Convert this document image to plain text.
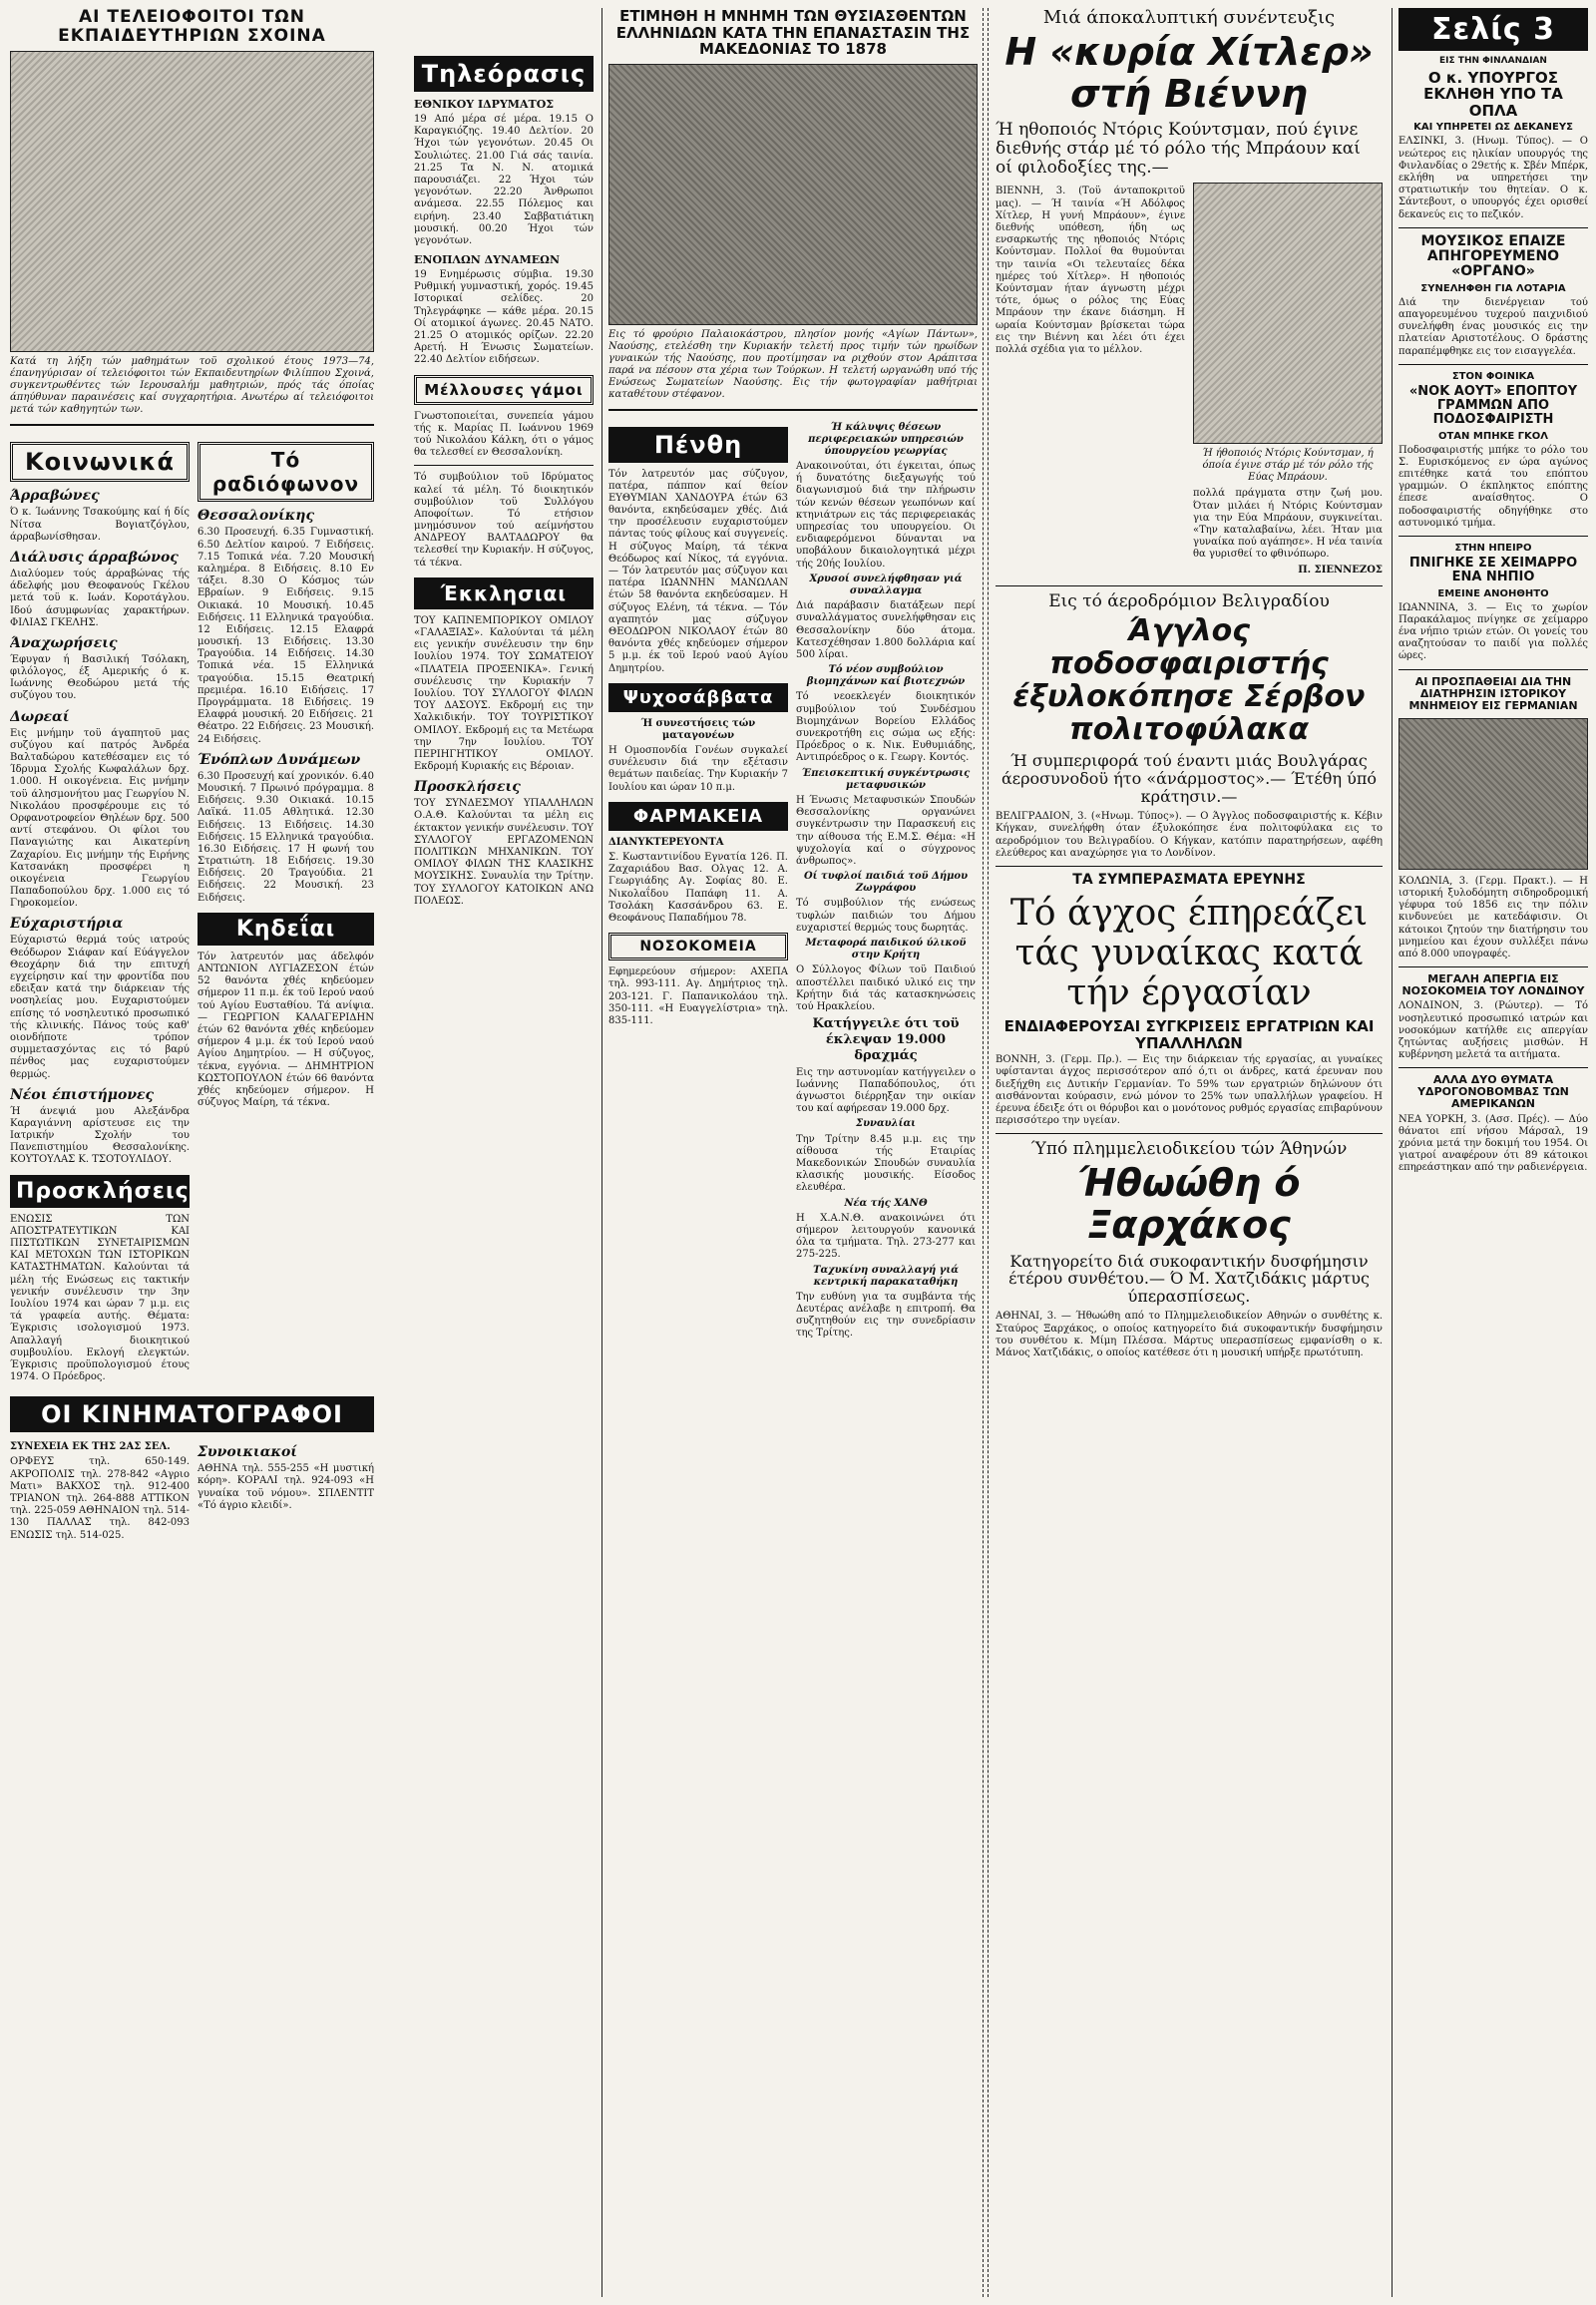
ΑΙ ΤΕΛΕΙΟΦΟΙΤΟΙ ΤΩΝ ΕΚΠΑΙΔΕΥΤΗΡΙΩΝ ΣΧΟΙΝΑ
Κατά τη λήξη τών μαθημάτων τοϋ σχολικού έτους 1973—74, έπανηγύρισαν οί τελειόφοιτοι τών Εκπαιδευτηρίων Φιλίππου Σχοινά, συγκεντρωθέντες τών Ιερουσαλήμ μαθητριών, πρός τάς όποίας άπηύθυναν παραινέσεις καί συγχαρητήρια. Ανωτέρω αί τελειόφοιτοι μετά τών καθηγητών των.
Κοινωνικά
Άρραβώνες
Ό κ. Ίωάννης Τσακούμης καί ή δίς Νίτσα Βογιατζόγλου, άρραβωνίσθησαν.
Διάλυσις άρραβώνος
Διαλύομεν τούς άρραβώνας τής άδελφής μου Θεοφανούς Γκέλου μετά τοϋ κ. Ιωάν. Κοροτάγλου. Ιδού άσυμφωνίας χαρακτήρων. ΦΙΛΙΑΣ ΓΚΕΛΗΣ.
Άναχωρήσεις
Έφυγαν ή Βασιλική Τσόλακη, φιλόλογος, έξ Αμερικής ό κ. Ιωάννης Θεοδώρου μετά τής συζύγου του.
Δωρεαί
Εις μνήμην τοϋ άγαπητοϋ μας συζύγου καί πατρός Άνδρέα Βαλταδώρου κατεθέσαμεν εις τό Ίδρυμα Σχολής Κωφαλάλων δρχ. 1.000. Η οικογένεια. Εις μνήμην τοϋ άλησμονήτου μας Γεωργίου Ν. Νικολάου προσφέρουμε εις τό Ορφανοτροφείον Θηλέων δρχ. 500 αντί στεφάνου. Οι φίλοι του Παναγιώτης και Αικατερίνη Ζαχαρίου. Εις μνήμην τής Ειρήνης Κατσανάκη προσφέρει η οικογένεια Γεωργίου Παπαδοπούλου δρχ. 1.000 εις τό Γηροκομείον.
Εύχαριστήρια
Εύχαριστώ θερμά τούς ιατρούς Θεόδωρον Σιάφαν καί Εύάγγελον Θεοχάρην διά την επιτυχή εγχείρησιν καί την φροντίδα που εδειξαν κατά την διάρκειαν τής νοσηλείας μου. Ευχαριστούμεν επίσης τό νοσηλευτικό προσωπικό τής κλινικής. Πάνος τούς καθ' οιονδήποτε τρόπον συμμετασχόντας εις τό βαρύ πένθος μας ευχαριστούμεν θερμώς.
Νέοι έπιστήμονες
Ή άνεψιά μου Αλεξάνδρα Καραγιάννη αρίστευσε εις την Ιατρικήν Σχολήν του Πανεπιστημίου Θεσσαλονίκης. ΚΟΥΤΟΥΛΑΣ Κ. ΤΣΟΤΟΥΛΙΔΟΥ.
Προσκλήσεις
ΕΝΩΣΙΣ ΤΩΝ ΑΠΟΣΤΡΑΤΕΥΤΙΚΩΝ ΚΑΙ ΠΙΣΤΩΤΙΚΩΝ ΣΥΝΕΤΑΙΡΙΣΜΩΝ ΚΑΙ ΜΕΤΟΧΩΝ ΤΩΝ ΙΣΤΟΡΙΚΩΝ ΚΑΤΑΣΤΗΜΑΤΩΝ. Καλούνται τά μέλη τής Ενώσεως εις τακτικήν γενικήν συνέλευσιν την 3ην Ιουλίου 1974 και ώραν 7 μ.μ. εις τά γραφεία αυτής. Θέματα: Έγκρισις ισολογισμού 1973. Απαλλαγή διοικητικού συμβουλίου. Εκλογή ελεγκτών. Έγκρισις προϋπολογισμού έτους 1974. Ο Πρόεδρος.
Τό ραδιόφωνον
Θεσσαλονίκης
6.30 Προσευχή. 6.35 Γυμναστική. 6.50 Δελτίον καιρού. 7 Ειδήσεις. 7.15 Τοπικά νέα. 7.20 Μουσική καλημέρα. 8 Ειδήσεις. 8.10 Εν τάξει. 8.30 Ο Κόσμος τών Εβραίων. 9 Ειδήσεις. 9.15 Οικιακά. 10 Μουσική. 10.45 Ειδήσεις. 11 Ελληνικά τραγούδια. 12 Ειδήσεις. 12.15 Ελαφρά μουσική. 13 Ειδήσεις. 13.30 Τραγούδια. 14 Ειδήσεις. 14.30 Τοπικά νέα. 15 Ελληνικά τραγούδια. 15.15 Θεατρική πρεμιέρα. 16.10 Ειδήσεις. 17 Προγράμματα. 18 Ειδήσεις. 19 Ελαφρά μουσική. 20 Ειδήσεις. 21 Θέατρο. 22 Ειδήσεις. 23 Μουσική. 24 Ειδήσεις.
Ένόπλων Δυνάμεων
6.30 Προσευχή καί χρονικόν. 6.40 Μουσική. 7 Πρωινό πρόγραμμα. 8 Ειδήσεις. 9.30 Οικιακά. 10.15 Λαϊκά. 11.05 Αθλητικά. 12.30 Ειδήσεις. 13 Ειδήσεις. 14.30 Ειδήσεις. 15 Ελληνικά τραγούδια. 16.30 Ειδήσεις. 17 Η φωνή του Στρατιώτη. 18 Ειδήσεις. 19.30 Ειδήσεις. 20 Τραγούδια. 21 Ειδήσεις. 22 Μουσική. 23 Ειδήσεις.
Κηδεΐαι
Τόν λατρευτόν μας άδελφόν ΑΝΤΩΝΙΟΝ ΛΥΓΙΑΖΕΣΟΝ έτών 52 θανόντα χθές κηδεύομεν σήμερον 11 π.μ. έκ τοϋ Ιερού ναού τού Αγίου Ευσταθίου. Τά ανίψια. — ΓΕΩΡΓΙΟΝ ΚΑΛΑΓΕΡΙΔΗΝ έτών 62 θανόντα χθές κηδεύομεν σήμερον 4 μ.μ. έκ τού Ιερού ναού Αγίου Δημητρίου. — Η σύζυγος, τέκνα, εγγόνια. — ΔΗΜΗΤΡΙΟΝ ΚΩΣΤΟΠΟΥΛΟΝ έτών 66 θανόντα χθές κηδεύομεν σήμερον. Η σύζυγος Μαίρη, τά τέκνα.
ΟΙ ΚΙΝΗΜΑΤΟΓΡΑΦΟΙ
ΣΥΝΕΧΕΙΑ ΕΚ ΤΗΣ 2ΑΣ ΣΕΛ.
ΟΡΦΕΥΣ τηλ. 650-149. ΑΚΡΟΠΟΛΙΣ τηλ. 278-842 «Αγριο Ματι» ΒΑΚΧΟΣ τηλ. 912-400 ΤΡΙΑΝΟΝ τηλ. 264-888 ΑΤΤΙΚΟΝ τηλ. 225-059 ΑΘΗΝΑΙΟΝ τηλ. 514-130 ΠΑΛΛΑΣ τηλ. 842-093 ΕΝΩΣΙΣ τηλ. 514-025.
Συνοικιακοί
ΑΘΗΝΑ τηλ. 555-255 «Η μυστική κόρη». ΚΟΡΑΛΙ τηλ. 924-093 «Η γυναίκα τοϋ νόμου». ΣΠΛΕΝΤΙΤ «Τό άγριο κλειδί».
Τηλεόρασις
ΕΘΝΙΚΟΥ ΙΔΡΥΜΑΤΟΣ
19 Από μέρα σέ μέρα. 19.15 Ο Καραγκιόζης. 19.40 Δελτίον. 20 Ήχοι τών γεγονότων. 20.45 Οι Σουλιώτες. 21.00 Γιά σάς ταινία. 21.25 Τα Ν. Ν. ατομικά παρουσιάζει. 22 Ήχοι τών γεγονότων. 22.20 Άνθρωποι ανάμεσα. 22.55 Πόλεμος και ειρήνη. 23.40 Σαββατιάτικη μουσική. 00.20 Ήχοι τών γεγονότων.
ΕΝΟΠΛΩΝ ΔΥΝΑΜΕΩΝ
19 Ενημέρωσις σύμβια. 19.30 Ρυθμική γυμναστική, χορός. 19.45 Ιστορικαί σελίδες. 20 Τηλεγράφηκε — κάθε μέρα. 20.15 Οί ατομικοί άγωνες. 20.45 ΝΑΤΟ. 21.25 Ο ατομικός ορίζων. 22.20 Αρετή. Η Ένωσις Σωματείων. 22.40 Δελτίον ειδήσεων.
Μέλλουσες γάμοι
Γνωστοποιείται, συνεπεία γάμου τής κ. Μαρίας Π. Ιωάννου 1969 τού Νικολάου Κάλκη, ότι ο γάμος θα τελεσθεί εν Θεσσαλονίκη.
Τό συμβούλιον τοϋ Ιδρύματος καλεί τά μέλη. Τό διοικητικόν συμβούλιον τοϋ Συλλόγου Αποφοίτων. Τό ετήσιον μνημόσυνον τού αείμνήστου ΑΝΔΡΕΟΥ ΒΑΛΤΑΔΩΡΟΥ θα τελεσθεί την Κυριακήν. Η σύζυγος, τά τέκνα.
Έκκλησιαι
ΤΟΥ ΚΑΠΝΕΜΠΟΡΙΚΟΥ ΟΜΙΛΟΥ «ΓΑΛΑΞΙΑΣ». Καλούνται τά μέλη εις γενικήν συνέλευσιν την 6ην Ιουλίου 1974. ΤΟΥ ΣΩΜΑΤΕΙΟΥ «ΠΛΑΤΕΙΑ ΠΡΟΞΕΝΙΚΑ». Γενική συνέλευσις την Κυριακήν 7 Ιουλίου. ΤΟΥ ΣΥΛΛΟΓΟΥ ΦΙΛΩΝ ΤΟΥ ΔΑΣΟΥΣ. Εκδρομή εις την Χαλκιδικήν. ΤΟΥ ΤΟΥΡΙΣΤΙΚΟΥ ΟΜΙΛΟΥ. Εκδρομή εις τα Μετέωρα την 7ην Ιουλίου. ΤΟΥ ΠΕΡΙΗΓΗΤΙΚΟΥ ΟΜΙΛΟΥ. Εκδρομή Κυριακής εις Βέροιαν.
Προσκλήσεις
ΤΟΥ ΣΥΝΔΕΣΜΟΥ ΥΠΑΛΛΗΛΩΝ Ο.Α.Θ. Καλούνται τα μέλη εις έκτακτον γενικήν συνέλευσιν. ΤΟΥ ΣΥΛΛΟΓΟΥ ΕΡΓΑΖΟΜΕΝΩΝ ΠΟΛΙΤΙΚΩΝ ΜΗΧΑΝΙΚΩΝ. ΤΟΥ ΟΜΙΛΟΥ ΦΙΛΩΝ ΤΗΣ ΚΛΑΣΙΚΗΣ ΜΟΥΣΙΚΗΣ. Συναυλία την Τρίτην. ΤΟΥ ΣΥΛΛΟΓΟΥ ΚΑΤΟΙΚΩΝ ΑΝΩ ΠΟΛΕΩΣ.
ΕΤΙΜΗΘΗ Η ΜΝΗΜΗ ΤΩΝ ΘΥΣΙΑΣΘΕΝΤΩΝ ΕΛΛΗΝΙΔΩΝ ΚΑΤΑ ΤΗΝ ΕΠΑΝΑΣΤΑΣΙΝ ΤΗΣ ΜΑΚΕΔΟΝΙΑΣ ΤΟ 1878
Εις τό φρούριο Παλαιοκάστρου, πλησίον μονής «Αγίων Πάντων», Ναούσης, ετελέσθη την Κυριακήν τελετή προς τιμήν τών ηρωίδων γυναικών τής Ναούσης, που προτίμησαν να ριχθούν στον Αράπιτσα παρά να πέσουν στα χέρια των Τούρκων. Η τελετή ωργανώθη υπό τής Ενώσεως Σωματείων Ναούσης. Εις τήν φωτογραφίαν μαθήτριαι καταθέτουν στέφανον.
Πένθη
Τόν λατρευτόν μας σύζυγον, πατέρα, πάππον καί θείον ΕΥΘΥΜΙΑΝ ΧΑΝΔΟΥΡΑ έτών 63 θανόντα, εκηδεύσαμεν χθές. Διά την προσέλευσιν ευχαριστούμεν πάντας τούς φίλους καί συγγενείς. Η σύζυγος Μαίρη, τά τέκνα Θεόδωρος καί Νίκος, τά εγγόνια. — Τόν λατρευτόν μας σύζυγον και πατέρα ΙΩΑΝΝΗΝ ΜΑΝΩΛΑΝ έτών 58 θανόντα εκηδεύσαμεν. Η σύζυγος Ελένη, τά τέκνα. — Τόν αγαπητόν μας σύζυγον ΘΕΟΔΩΡΟΝ ΝΙΚΟΛΑΟΥ έτών 80 θανόντα χθές κηδεύομεν σήμερον 5 μ.μ. έκ τοϋ Ιερού ναού Αγίου Δημητρίου.
Ψυχοσάββατα
Ή συνεστήσεις τών ματαγονέων
Η Ομοσπονδία Γονέων συγκαλεί συνέλευσιν διά την εξέτασιν θεμάτων παιδείας. Την Κυριακήν 7 Ιουλίου και ώραν 10 π.μ.
ΦΑΡΜΑΚΕΙΑ
ΔΙΑΝΥΚΤΕΡΕΥΟΝΤΑ
Σ. Κωσταντινίδου Εγνατία 126. Π. Ζαχαριάδου Βασ. Ολγας 12. Α. Γεωργιάδης Αγ. Σοφίας 80. Ε. Νικολαΐδου Παπάφη 11. Α. Τσολάκη Κασσάνδρου 63. Ε. Θεοφάνους Παπαδήμου 78.
ΝΟΣΟΚΟΜΕΙΑ
Εφημερεύουν σήμερον: ΑΧΕΠΑ τηλ. 993-111. Αγ. Δημήτριος τηλ. 203-121. Γ. Παπανικολάου τηλ. 350-111. «Η Ευαγγελίστρια» τηλ. 835-111.
Ή κάλυψις θέσεων περιφερειακών υπηρεσιών ύπουργείου γεωργίας
Ανακοινούται, ότι έγκειται, όπως ή δυνατότης διεξαγωγής τού διαγωνισμού διά την πλήρωσιν τών κενών θέσεων γεωπόνων καί κτηνιάτρων εις τάς περιφερειακάς υπηρεσίας του υπουργείου. Οι ενδιαφερόμενοι δύνανται να υποβάλουν δικαιολογητικά μέχρι τής 20ής Ιουλίου.
Χρυσοί συνελήφθησαν γιά συναλλαγμα
Διά παράβασιν διατάξεων περί συναλλάγματος συνελήφθησαν εις Θεσσαλονίκην δύο άτομα. Κατεσχέθησαν 1.800 δολλάρια καί 500 λίραι.
Τό νέον συμβούλιον βιομηχάνων καί βιοτεχνών
Τό νεοεκλεγέν διοικητικόν συμβούλιον τού Συνδέσμου Βιομηχάνων Βορείου Ελλάδος συνεκροτήθη εις σώμα ως εξής: Πρόεδρος ο κ. Νικ. Ευθυμιάδης, Αντιπρόεδρος ο κ. Γεωργ. Κοντός.
Έπεισκεπτική συγκέντρωσις μεταφυσικών
Η Ένωσις Μεταφυσικών Σπουδών Θεσσαλονίκης οργανώνει συγκέντρωσιν την Παρασκευή εις την αίθουσα τής Ε.Μ.Σ. Θέμα: «Η ψυχολογία καί ο σύγχρονος άνθρωπος».
Οί τυφλοί παιδιά τοϋ Δήμου Ζωγράφου
Τό συμβούλιον τής ενώσεως τυφλών παιδιών του Δήμου ευχαριστεί θερμώς τους δωρητάς.
Μεταφορά παιδικού ύλικοϋ στην Κρήτη
Ο Σύλλογος Φίλων τοϋ Παιδιού αποστέλλει παιδικό υλικό εις την Κρήτην διά τάς κατασκηνώσεις τού Ηρακλείου.
Κατήγγειλε ότι τοϋ έκλεψαν 19.000 δραχμάς
Εις την αστυνομίαν κατήγγειλεν ο Ιωάννης Παπαδόπουλος, ότι άγνωστοι διέρρηξαν την οικίαν του καί αφήρεσαν 19.000 δρχ.
Συναυλίαι
Την Τρίτην 8.45 μ.μ. εις την αίθουσα τής Εταιρίας Μακεδονικών Σπουδών συναυλία κλασικής μουσικής. Είσοδος ελευθέρα.
Νέα τής ΧΑΝΘ
Η Χ.Α.Ν.Θ. ανακοινώνει ότι σήμερον λειτουργούν κανονικά όλα τα τμήματα. Τηλ. 273-277 και 275-225.
Ταχυκίνη συναλλαγή γιά κεντρική παρακαταθήκη
Την ευθύνη για τα συμβάντα τής Δευτέρας ανέλαβε η επιτροπή. Θα συζητηθούν εις την συνεδρίασιν της Τρίτης.
Μιά άποκαλυπτική συνέντευξις
Η «κυρία Χίτλερ» στή Βιέννη
Ή ηθοποιός Ντόρις Κούντσμαν, πού έγινε διεθνής στάρ μέ τό ρόλο τής Μπράουν καί οί φιλοδοξίες της.—
ΒΙΕΝΝΗ, 3. (Τοϋ άνταποκριτοϋ μας). — Ή ταινία «Ή Αδόλφος Χίτλερ, Η γυνή Μπράουν», έγινε διεθνής υπόθεση, ήδη ως ενσαρκωτής της ηθοποιός Ντόρις Κούντσμαν. Πολλοί θα θυμούνται την ταινία «Οι τελευταίες δέκα ημέρες τού Χίτλερ». Η ηθοποιός Κούντσμαν ήταν άγνωστη μέχρι τότε, όμως ο ρόλος της Εύας Μπράουν την έκανε διάσημη. Η ωραία Κούντσμαν βρίσκεται τώρα εις την Βιέννη και λέει ότι έχει πολλά σχέδια για το μέλλον.
Ή ήθοποιός Ντόρις Κούντσμαν, ή όποία έγινε στάρ μέ τόν ρόλο τής Εύας Μπράουν.
πολλά πράγματα στην ζωή μου. Όταν μιλάει ή Ντόρις Κούντσμαν για την Εύα Μπράουν, συγκινείται. «Την καταλαβαίνω, λέει. Ήταν μια γυναίκα πού αγάπησε». Η νέα ταινία θα γυρισθεί το φθινόπωρο.
Π. ΣΙΕΝΝΕΖΟΣ
Εις τό άεροδρόμιον Βελιγραδίου
Άγγλος ποδοσφαιριστής έξυλοκόπησε Σέρβον πολιτοφύλακα
Ή συμπεριφορά τού έναντι μιάς Βουλγάρας άεροσυνοδοϋ ήτο «άνάρμοστος».— Έτέθη ύπό κράτησιν.—
ΒΕΛΙΓΡΑΔΙΟΝ, 3. («Ηνωμ. Τύπος»). — Ο Άγγλος ποδοσφαιριστής κ. Κέβιν Κήγκαν, συνελήφθη όταν έξυλοκόπησε ένα πολιτοφύλακα εις το αεροδρόμιον του Βελιγραδίου. Ο Κήγκαν, κατόπιν παρατηρήσεων, αφέθη ελεύθερος και αναχώρησε για το Λονδίνον.
ΤΑ ΣΥΜΠΕΡΑΣΜΑΤΑ ΕΡΕΥΝΗΣ
Τό άγχος έπηρεάζει τάς γυναίκας κατά τήν έργασίαν
ΕΝΔΙΑΦΕΡΟΥΣΑΙ ΣΥΓΚΡΙΣΕΙΣ ΕΡΓΑΤΡΙΩΝ ΚΑΙ ΥΠΑΛΛΗΛΩΝ
ΒΟΝΝΗ, 3. (Γερμ. Πρ.). — Εις την διάρκειαν τής εργασίας, αι γυναίκες υφίστανται άγχος περισσότερον από ό,τι οι άνδρες, κατά έρευναν που διεξήχθη εις Δυτικήν Γερμανίαν. Το 59% των εργατριών δηλώνουν ότι αισθάνονται κούρασιν, ενώ μόνον το 25% των υπαλλήλων γραφείου. Η έρευνα έδειξε ότι οι θόρυβοι και ο μονότονος ρυθμός εργασίας επιβαρύνουν περισσότερο την υγείαν.
Ύπό πλημμελειοδικείου τών Άθηνών
Ήθωώθη ό Ξαρχάκος
Κατηγορείτο διά συκοφαντικήν δυσφήμησιν έτέρου συνθέτου.— Ό Μ. Χατζιδάκις μάρτυς ύπερασπίσεως.
ΑΘΗΝΑΙ, 3. — Ήθωώθη από το Πλημμελειοδικείον Αθηνών ο συνθέτης κ. Σταύρος Ξαρχάκος, ο οποίος κατηγορείτο διά συκοφαντικήν δυσφήμησιν του συνθέτου κ. Μίμη Πλέσσα. Μάρτυς υπερασπίσεως εμφανίσθη ο κ. Μάνος Χατζιδάκις, ο οποίος κατέθεσε ότι η μουσική υπήρξε πρωτότυπη.
Σελίς 3
ΕΙΣ ΤΗΝ ΦΙΝΛΑΝΔΙΑΝ
Ο κ. ΥΠΟΥΡΓΟΣ ΕΚΛΗΘΗ ΥΠΟ ΤΑ ΟΠΛΑ
ΚΑΙ ΥΠΗΡΕΤΕΙ ΩΣ ΔΕΚΑΝΕΥΣ
ΕΛΣΙΝΚΙ, 3. (Ηνωμ. Τύπος). — Ο νεώτερος εις ηλικίαν υπουργός της Φινλανδίας ο 29ετής κ. Σβέν Μπέρκ, εκλήθη να υπηρετήσει την στρατιωτικήν του θητείαν. Ο κ. Σάντεβουτ, ο υπουργός έχει ορισθεί δεκανεύς εις το πεζικόν.
ΜΟΥΣΙΚΟΣ ΕΠΑΙΖΕ ΑΠΗΓΟΡΕΥΜΕΝΟ «ΟΡΓΑΝΟ»
ΣΥΝΕΛΗΦΘΗ ΓΙΑ ΛΟΤΑΡΙΑ
Διά την διενέργειαν τού απαγορευμένου τυχερού παιχνιδιού συνελήφθη ένας μουσικός εις την πλατείαν Αριστοτέλους. Ο δράστης παραπέμφθηκε εις τον εισαγγελέα.
ΣΤΟΝ ΦΟΙΝΙΚΑ
«ΝΟΚ ΑΟΥΤ» ΕΠΟΠΤΟΥ ΓΡΑΜΜΩΝ ΑΠΟ ΠΟΔΟΣΦΑΙΡΙΣΤΗ
ΟΤΑΝ ΜΠΗΚΕ ΓΚΟΛ
Ποδοσφαιριστής μπήκε το ρόλο του Σ. Ευρισκόμενος εν ώρα αγώνος επιτέθηκε κατά του επόπτου γραμμών. Ο έκπληκτος επόπτης έπεσε αναίσθητος. Ο ποδοσφαιριστής οδηγήθηκε στο αστυνομικό τμήμα.
ΣΤΗΝ ΗΠΕΙΡΟ
ΠΝΙΓΗΚΕ ΣΕ ΧΕΙΜΑΡΡΟ ΕΝΑ ΝΗΠΙΟ
ΕΜΕΙΝΕ ΑΝΟΗΘΗΤΟ
ΙΩΑΝΝΙΝΑ, 3. — Εις το χωρίον Παρακάλαμος πνίγηκε σε χείμαρρο ένα νήπιο τριών ετών. Οι γονείς του αναζητούσαν το παιδί για πολλές ώρες.
ΑΙ ΠΡΟΣΠΑΘΕΙΑΙ ΔΙΑ ΤΗΝ ΔΙΑΤΗΡΗΣΙΝ ΙΣΤΟΡΙΚΟΥ ΜΝΗΜΕΙΟΥ ΕΙΣ ΓΕΡΜΑΝΙΑΝ
ΚΟΛΩΝΙΑ, 3. (Γερμ. Πρακτ.). — Η ιστορική ξυλοδόμητη σιδηροδρομική γέφυρα τού 1856 εις την πόλιν κινδυνεύει με κατεδάφισιν. Οι κάτοικοι ζητούν την διατήρησιν του μνημείου και έχουν συλλέξει πάνω από 8.000 υπογραφές.
ΜΕΓΑΛΗ ΑΠΕΡΓΙΑ ΕΙΣ ΝΟΣΟΚΟΜΕΙΑ ΤΟΥ ΛΟΝΔΙΝΟΥ
ΛΟΝΔΙΝΟΝ, 3. (Ρώυτερ). — Τό νοσηλευτικό προσωπικό ιατρών και νοσοκόμων κατήλθε εις απεργίαν ζητώντας αυξήσεις μισθών. Η κυβέρνηση μελετά τα αιτήματα.
ΑΛΛΑ ΔΥΟ ΘΥΜΑΤΑ ΥΔΡΟΓΟΝΟΒΟΜΒΑΣ ΤΩΝ ΑΜΕΡΙΚΑΝΩΝ
ΝΕΑ ΥΟΡΚΗ, 3. (Ασσ. Πρές). — Δύο θάνατοι επί νήσου Μάρσαλ, 19 χρόνια μετά την δοκιμή του 1954. Οι γιατροί αναφέρουν ότι 89 κάτοικοι επηρεάστηκαν από την ραδιενέργεια.
